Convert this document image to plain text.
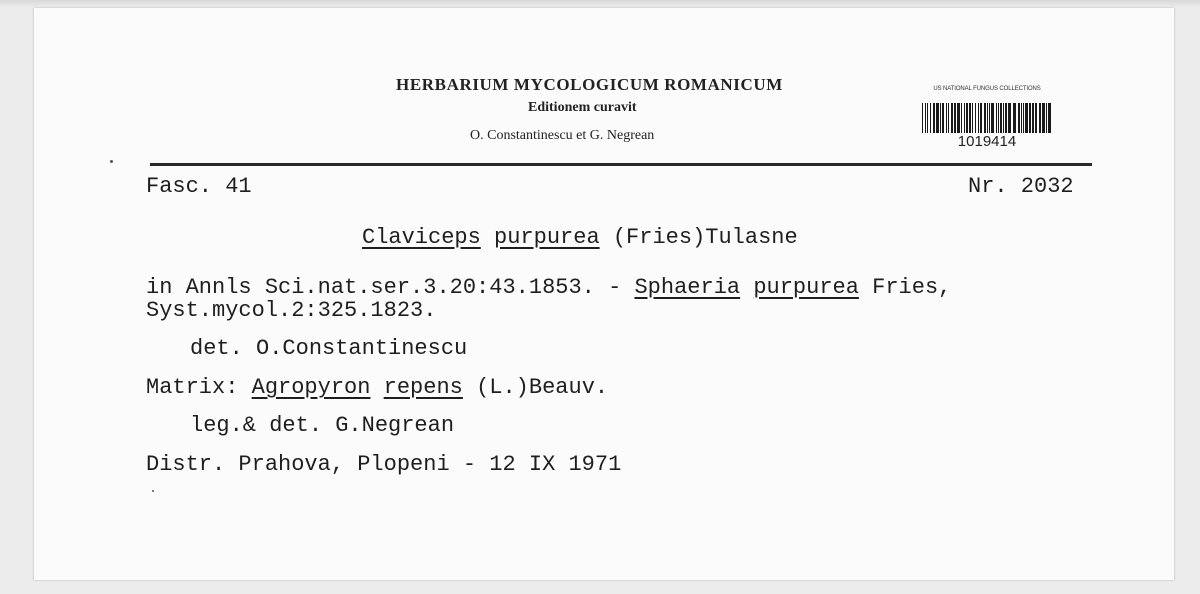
HERBARIUM MYCOLOGICUM ROMANICUM
Editionem curavit
O. Constantinescu et G. Negrean
US NATIONAL FUNGUS COLLECTIONS
1019414
Fasc. 41	Nr. 2032
Claviceps purpurea (Fries)Tulasne
in Annls Sci.nat.ser.3.20:43.1853. - Sphaeria purpurea Fries,
Syst.mycol.2:325.1823.
det. O.Constantinescu
Matrix: Agropyron repens (L.)Beauv.
leg.& det. G.Negrean
Distr. Prahova, Plopeni - 12 IX 1971
